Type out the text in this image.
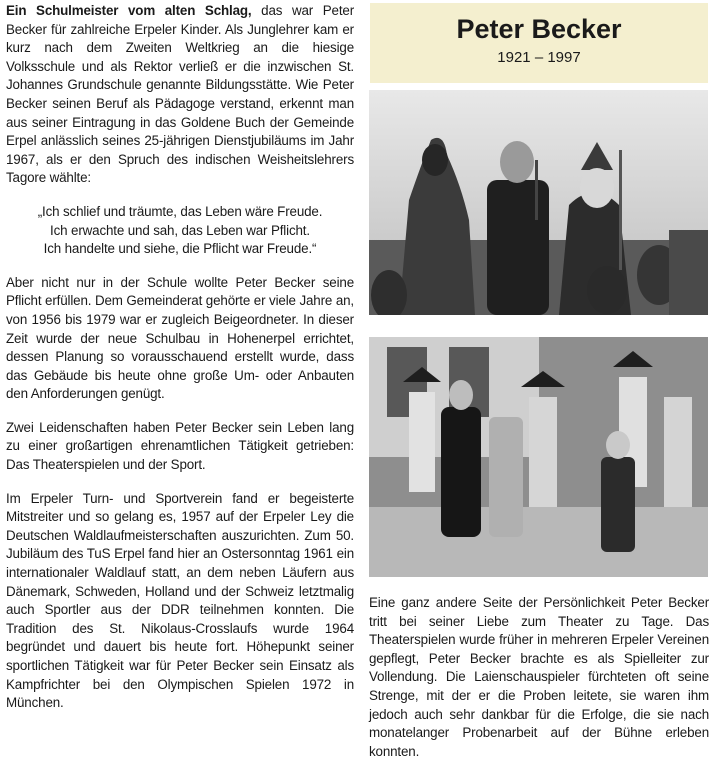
Ein Schulmeister vom alten Schlag, das war Peter Becker für zahlreiche Erpeler Kinder. Als Junglehrer kam er kurz nach dem Zweiten Weltkrieg an die hiesige Volksschule und als Rektor verließ er die inzwischen St. Johannes Grundschule genannte Bildungsstätte. Wie Peter Becker seinen Beruf als Pädagoge verstand, erkennt man aus seiner Eintragung in das Goldene Buch der Gemeinde Erpel anlässlich seines 25-jährigen Dienstjubiläums im Jahr 1967, als er den Spruch des indischen Weisheitslehrers Tagore wählte:

„Ich schlief und träumte, das Leben wäre Freude.
Ich erwachte und sah, das Leben war Pflicht.
Ich handelte und siehe, die Pflicht war Freude.“

Aber nicht nur in der Schule wollte Peter Becker seine Pflicht erfüllen. Dem Gemeinderat gehörte er viele Jahre an, von 1956 bis 1979 war er zugleich Beigeordneter. In dieser Zeit wurde der neue Schulbau in Hohenerpel errichtet, dessen Planung so vorausschauend erstellt wurde, dass das Gebäude bis heute ohne große Um- oder Anbauten den Anforderungen genügt.

Zwei Leidenschaften haben Peter Becker sein Leben lang zu einer großartigen ehrenamtlichen Tätigkeit getrieben: Das Theaterspielen und der Sport.

Im Erpeler Turn- und Sportverein fand er begeisterte Mitstreiter und so gelang es, 1957 auf der Erpeler Ley die Deutschen Waldlaufmeisterschaften auszurichten. Zum 50. Jubiläum des TuS Erpel fand hier an Ostersonntag 1961 ein internationaler Waldlauf statt, an dem neben Läufern aus Dänemark, Schweden, Holland und der Schweiz letztmalig auch Sportler aus der DDR teilnehmen konnten. Die Tradition des St. Nikolaus-Crosslaufs wurde 1964 begründet und dauert bis heute fort. Höhepunkt seiner sportlichen Tätigkeit war für Peter Becker sein Einsatz als Kampfrichter bei den Olympischen Spielen 1972 in München.

Peter Becker
1921 – 1997

Eine ganz andere Seite der Persönlichkeit Peter Becker tritt bei seiner Liebe zum Theater zu Tage. Das Theaterspielen wurde früher in mehreren Erpeler Vereinen gepflegt, Peter Becker brachte es als Spielleiter zur Vollendung. Die Laienschauspieler fürchteten oft seine Strenge, mit der er die Proben leitete, sie waren ihm jedoch auch sehr dankbar für die Erfolge, die sie nach monatelanger Probenarbeit auf der Bühne erleben konnten.
